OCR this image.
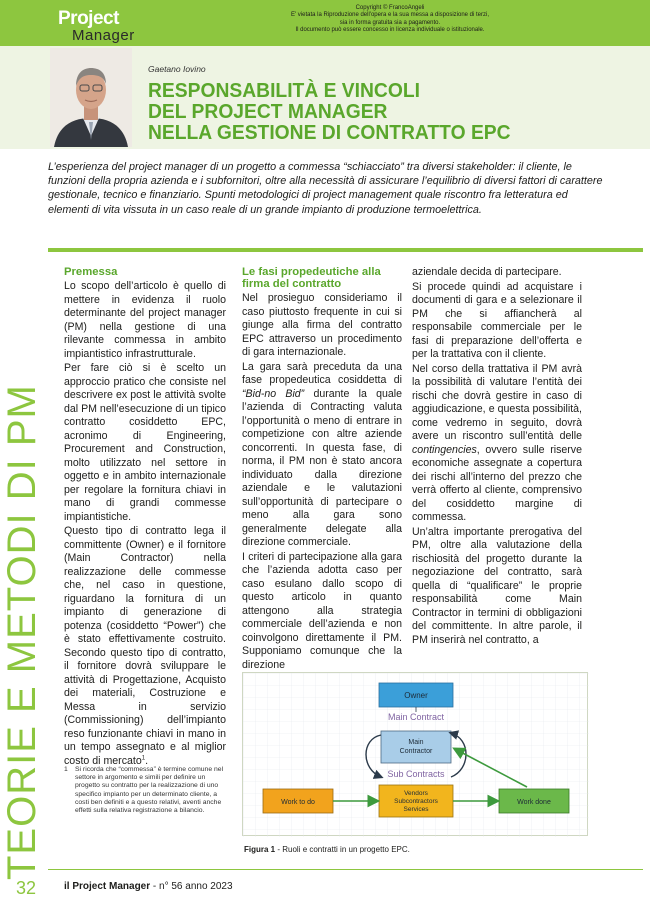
Project
Manager
Copyright © FrancoAngeli
E' vietata la Riproduzione dell'opera e la sua messa a disposizione di terzi,
sia in forma gratuita sia a pagamento.
Il documento può essere concesso in licenza individuale o istituzionale.
Gaetano Iovino
RESPONSABILITÀ E VINCOLI
DEL PROJECT MANAGER
NELLA GESTIONE DI CONTRATTO EPC

L’esperienza del project manager di un progetto a commessa “schiacciato” tra diversi stakeholder: il cliente, le funzioni della propria azienda e i subfornitori, oltre alla necessità di assicurare l’equilibrio di diversi fattori di carattere gestionale, tecnico e finanziario. Spunti metodologici di project management quale riscontro fra letteratura ed elementi di vita vissuta in un caso reale di un grande impianto di produzione termoelettrica.

TEORIE E METODI DI PM
Premessa

Lo scopo dell’articolo è quello di mettere in evidenza il ruolo determinante del project manager (PM) nella gestione di una rilevante commessa in ambito impiantistico infrastrutturale.

Per fare ciò si è scelto un approccio pratico che consiste nel descrivere ex post le attività svolte dal PM nell’esecuzione di un tipico contratto cosiddetto EPC, acronimo di Engineering, Procurement and Construction, molto utilizzato nel settore in oggetto e in ambito internazionale per regolare la fornitura chiavi in mano di grandi commesse impiantistiche.

Questo tipo di contratto lega il committente (Owner) e il fornitore (Main Contractor) nella realizzazione delle commesse che, nel caso in questione, riguardano la fornitura di un impianto di generazione di potenza (cosiddetto “Power”) che è stato effettivamente costruito. Secondo questo tipo di contratto, il fornitore dovrà sviluppare le attività di Progettazione, Acquisto dei materiali, Costruzione e Messa in servizio (Commissioning) dell’impianto reso funzionante chiavi in mano in un tempo assegnato e al miglior costo di mercato$^1$.

1	Si ricorda che “commessa” è termine comune nel settore in argomento e simili per definire un progetto su contratto per la realizzazione di uno specifico impianto per un determinato cliente, a costi ben definiti e a questo relativi, aventi anche effetti sulla relativa registrazione a bilancio.
Le fasi propedeutiche alla firma del contratto

Nel prosieguo consideriamo il caso piuttosto frequente in cui si giunge alla firma del contratto EPC attraverso un procedimento di gara internazionale.

La gara sarà preceduta da una fase propedeutica cosiddetta di “Bid-no Bid” durante la quale l’azienda di Contracting valuta l’opportunità o meno di entrare in competizione con altre aziende concorrenti. In questa fase, di norma, il PM non è stato ancora individuato dalla direzione aziendale e le valutazioni sull’opportunità di partecipare o meno alla gara sono generalmente delegate alla direzione commerciale.

I criteri di partecipazione alla gara che l’azienda adotta caso per caso esulano dallo scopo di questo articolo in quanto attengono alla strategia commerciale dell’azienda e non coinvolgono direttamente il PM. Supponiamo comunque che la direzione

aziendale decida di partecipare.

Si procede quindi ad acquistare i documenti di gara e a selezionare il PM che si affiancherà al responsabile commerciale per le fasi di preparazione dell’offerta e per la trattativa con il cliente.

Nel corso della trattativa il PM avrà la possibilità di valutare l’entità dei rischi che dovrà gestire in caso di aggiudicazione, e questa possibilità, come vedremo in seguito, dovrà avere un riscontro sull’entità delle contingencies, ovvero sulle riserve economiche assegnate a copertura dei rischi all’interno del prezzo che verrà offerto al cliente, comprensivo del cosiddetto margine di commessa.

Un’altra importante prerogativa del PM, oltre alla valutazione della rischiosità del progetto durante la negoziazione del contratto, sarà quella di “qualificare” le proprie responsabilità come Main Contractor in termini di obbligazioni del committente. In altre parole, il PM inserirà nel contratto, a

Owner
Main Contract
Main
Contractor
Sub Contracts
Vendors
Subcontractors
Services
Work to do	Work done
Figura 1 - Ruoli e contratti in un progetto EPC.
32	il Project Manager - n° 56 anno 2023
